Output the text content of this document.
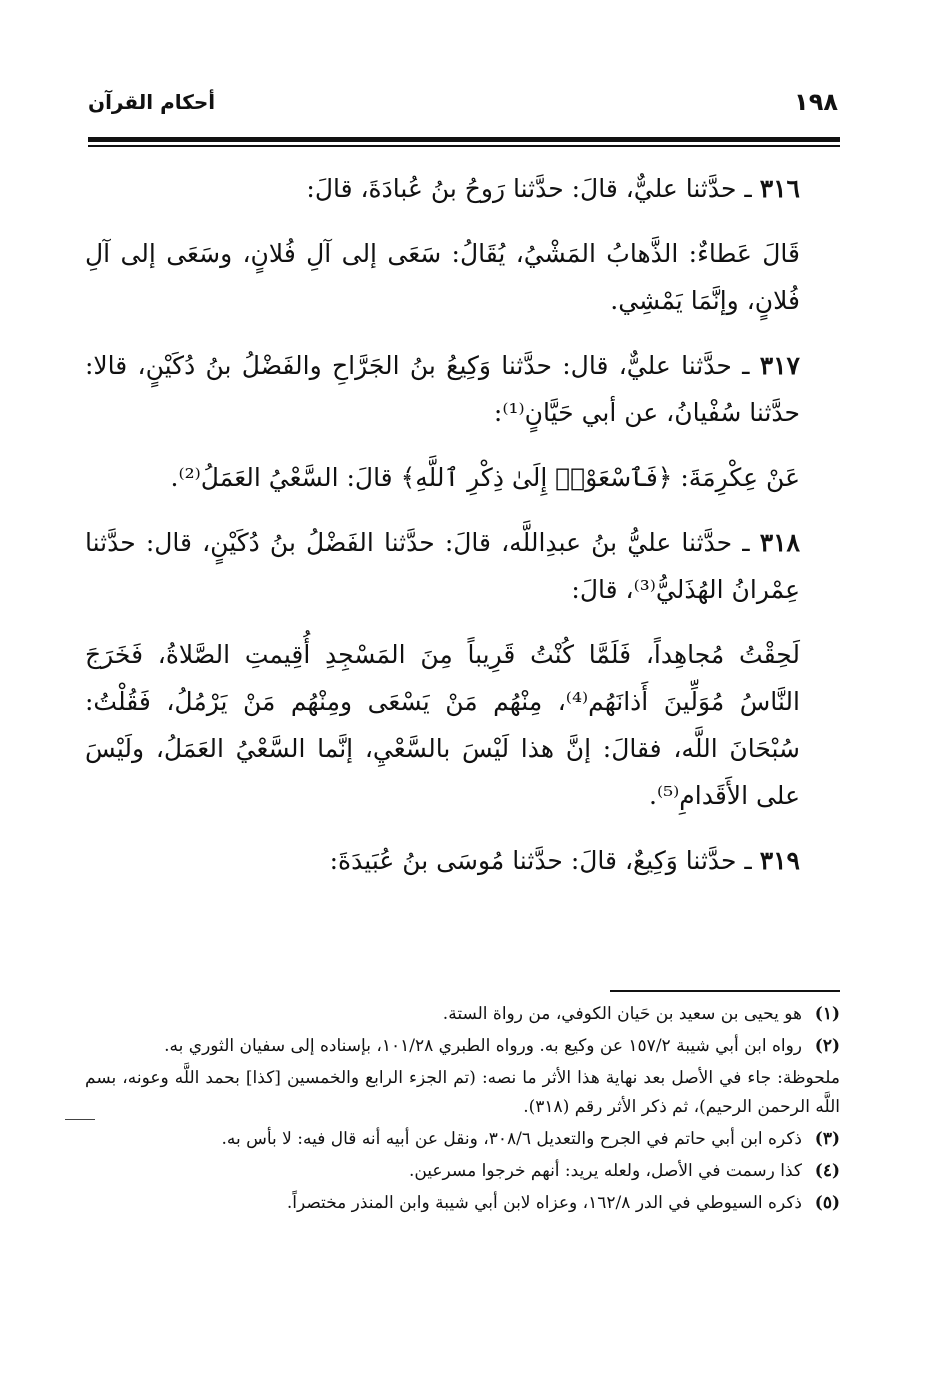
١٩٨
أحكام القرآن

٣١٦ ـ حدَّثنا عليٌّ، قالَ: حدَّثنا رَوحُ بنُ عُبادَةَ، قالَ:

قَالَ عَطاءٌ: الذَّهابُ المَشْيُ، يُقَالُ: سَعَى إلى آلِ فُلانٍ، وسَعَى إلى آلِ فُلانٍ، وإنَّمَا يَمْشِي.

٣١٧ ـ حدَّثنا عليٌّ، قال: حدَّثنا وَكِيعُ بنُ الجَرَّاحِ والفَضْلُ بنُ دُكَيْنٍ، قالا: حدَّثنا سُفْيانُ، عن أبي حَيَّانٍ⁽¹⁾:

عَنْ عِكْرِمَةَ: ﴿فَٱسْعَوْا۟ إِلَىٰ ذِكْرِ ٱللَّهِ﴾ قالَ: السَّعْيُ العَمَلُ⁽²⁾.

٣١٨ ـ حدَّثنا عليُّ بنُ عبدِاللَّه، قالَ: حدَّثنا الفَضْلُ بنُ دُكَيْنٍ، قال: حدَّثنا عِمْرانُ الهُذَليُّ⁽³⁾، قالَ:

لَحِقْتُ مُجاهِداً، فَلَمَّا كُنْتُ قَرِيباً مِنَ المَسْجِدِ أُقِيمتِ الصَّلاةُ، فَخَرَجَ النَّاسُ مُوَلِّينَ أَذانَهُم⁽⁴⁾، مِنْهُم مَنْ يَسْعَى ومِنْهُم مَنْ يَرْمُلُ، فَقُلْتُ: سُبْحَانَ اللَّه، فقالَ: إنَّ هذا لَيْسَ بالسَّعْيِ، إنَّما السَّعْيُ العَمَلُ، ولَيْسَ على الأَقَدامِ⁽⁵⁾.

٣١٩ ـ حدَّثنا وَكِيعٌ، قالَ: حدَّثنا مُوسَى بنُ عُبَيدَةَ:

(١)
هو يحيى بن سعيد بن حَيان الكوفي، من رواة الستة.
(٢)
رواه ابن أبي شيبة ١٥٧/٢ عن وكيع به. ورواه الطبري ١٠١/٢٨، بإسناده إلى سفيان الثوري به.

ملحوظة: جاء في الأصل بعد نهاية هذا الأثر ما نصه: (تم الجزء الرابع والخمسين [كذا] بحمد اللَّه وعونه، بسم اللَّه الرحمن الرحيم)، ثم ذكر الأثر رقم (٣١٨).

(٣)
ذكره ابن أبي حاتم في الجرح والتعديل ٣٠٨/٦، ونقل عن أبيه أنه قال فيه: لا بأس به.
(٤)
كذا رسمت في الأصل، ولعله يريد: أنهم خرجوا مسرعين.
(٥)
ذكره السيوطي في الدر ١٦٢/٨، وعزاه لابن أبي شيبة وابن المنذر مختصراً.
